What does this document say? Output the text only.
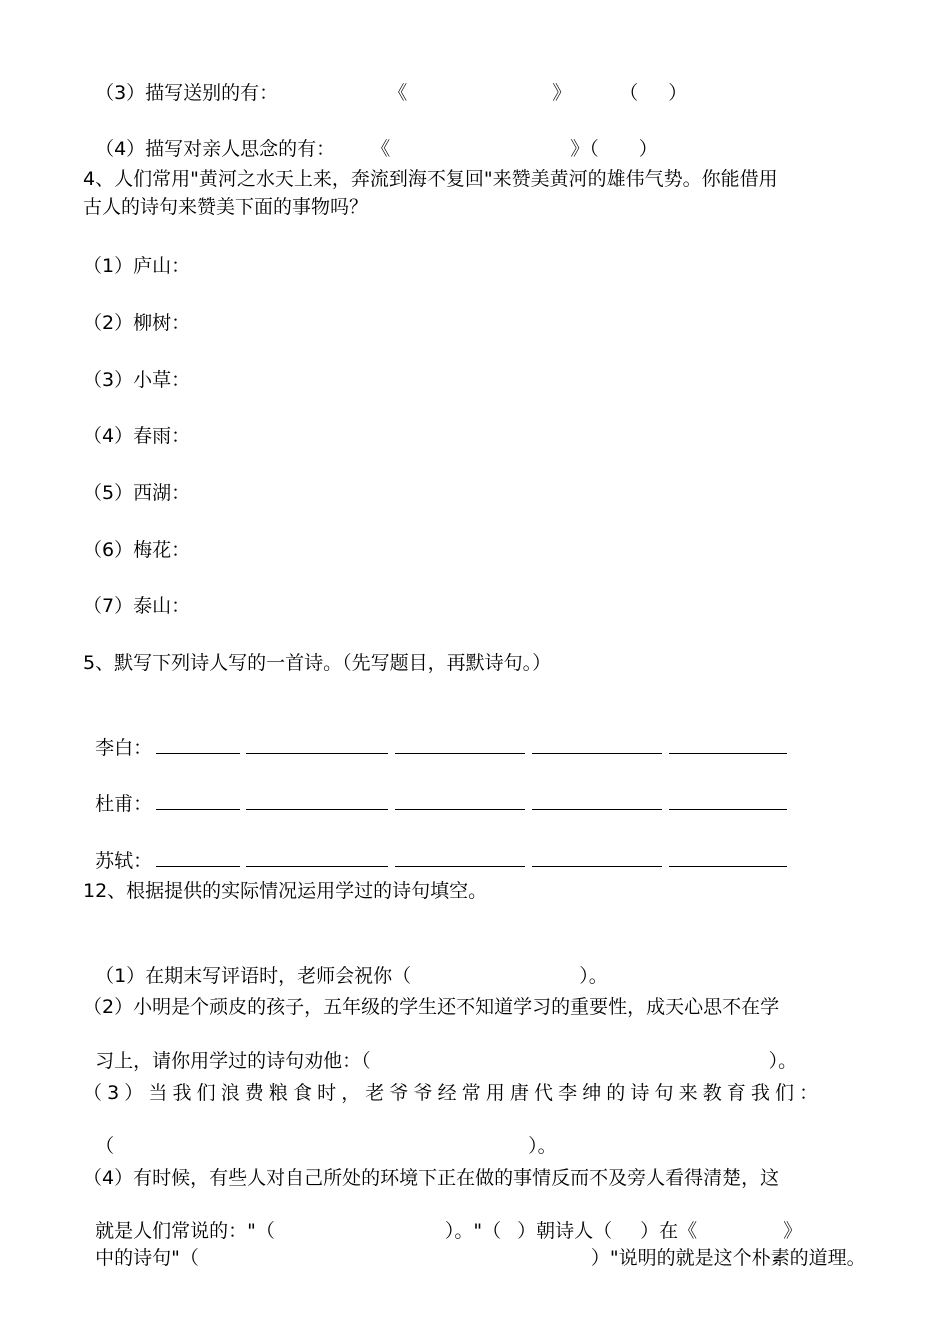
（3）描写送别的有：	《	》	（ ）

（4）描写对亲人思念的有： 《	》（ ）

4、人们常用"黄河之水天上来，奔流到海不复回"来赞美黄河的雄伟气势。你能借用
古人的诗句来赞美下面的事物吗？
（1）庐山：
（2）柳树：
（3）小草：
（4）春雨：
（5）西湖：
（6）梅花：
（7）泰山：
5、默写下列诗人写的一首诗。（先写题目，再默诗句。）

李白：

杜甫：

苏轼：

12、根据提供的实际情况运用学过的诗句填空。

（1）在期末写评语时，老师会祝你（	）。

（2）小明是个顽皮的孩子，五年级的学生还不知道学习的重要性，成天心思不在学

习上，请你用学过的诗句劝他：（	）。

（3）当我们浪费粮食时，老爷爷经常用唐代李绅的诗句来教育我们：

（	）。

（4）有时候，有些人对自己所处的环境下正在做的事情反而不及旁人看得清楚，这

就是人们常说的："（	）。"（ ）朝诗人（ ）在《	》

中的诗句"（	）"说明的就是这个朴素的道理。
